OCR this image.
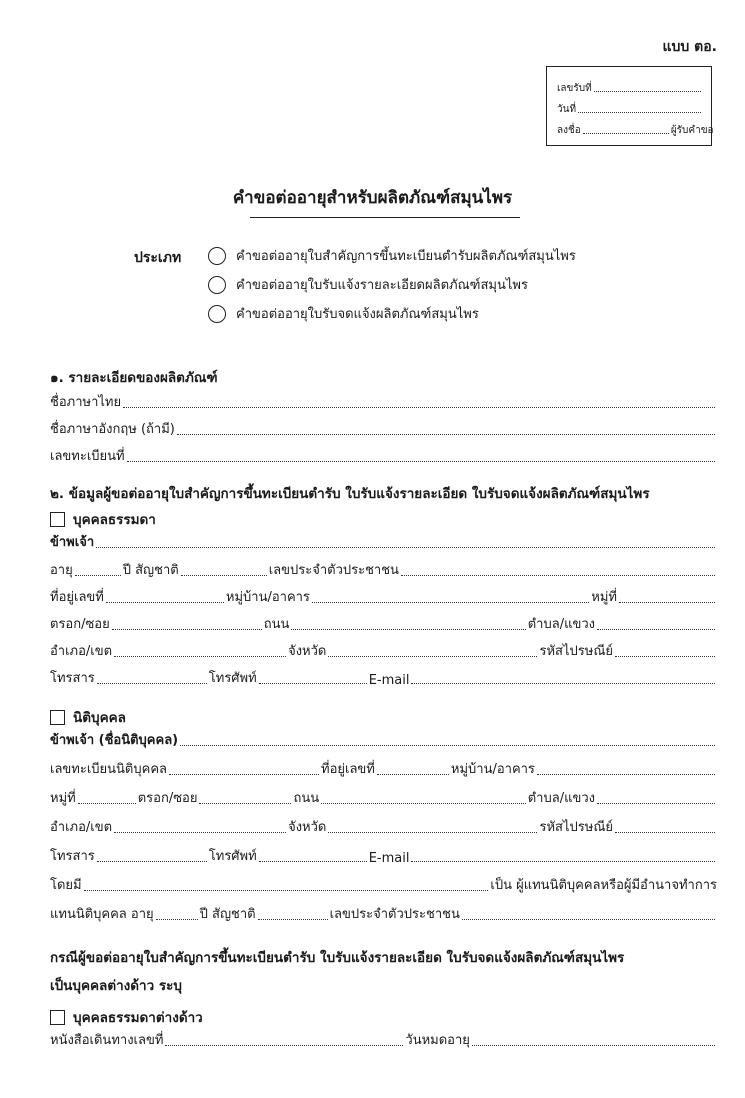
แบบ ตอ.
เลขรับที่
วันที่
ลงชื่อ	ผู้รับคำขอ
คำขอต่ออายุสำหรับผลิตภัณฑ์สมุนไพร
ประเภท	คำขอต่ออายุใบสำคัญการขึ้นทะเบียนตำรับผลิตภัณฑ์สมุนไพร
คำขอต่ออายุใบรับแจ้งรายละเอียดผลิตภัณฑ์สมุนไพร
คำขอต่ออายุใบรับจดแจ้งผลิตภัณฑ์สมุนไพร
๑. รายละเอียดของผลิตภัณฑ์
ชื่อภาษาไทย
ชื่อภาษาอังกฤษ (ถ้ามี)
เลขทะเบียนที่
๒. ข้อมูลผู้ขอต่ออายุใบสำคัญการขึ้นทะเบียนตำรับ ใบรับแจ้งรายละเอียด ใบรับจดแจ้งผลิตภัณฑ์สมุนไพร
บุคคลธรรมดา
ข้าพเจ้า
อายุ	ปี สัญชาติ	เลขประจำตัวประชาชน
ที่อยู่เลขที่	หมู่บ้าน/อาคาร	หมู่ที่
ตรอก/ซอย	ถนน	ตำบล/แขวง
อำเภอ/เขต	จังหวัด	รหัสไปรษณีย์
โทรสาร	โทรศัพท์	E-mail
นิติบุคคล
ข้าพเจ้า (ชื่อนิติบุคคล)
เลขทะเบียนนิติบุคคล	ที่อยู่เลขที่	หมู่บ้าน/อาคาร
หมู่ที่	ตรอก/ซอย	ถนน	ตำบล/แขวง
อำเภอ/เขต	จังหวัด	รหัสไปรษณีย์
โทรสาร	โทรศัพท์	E-mail
โดยมี	เป็น ผู้แทนนิติบุคคลหรือผู้มีอำนาจทำการ
แทนนิติบุคคล อายุ	ปี สัญชาติ	เลขประจำตัวประชาชน
กรณีผู้ขอต่ออายุใบสำคัญการขึ้นทะเบียนตำรับ ใบรับแจ้งรายละเอียด ใบรับจดแจ้งผลิตภัณฑ์สมุนไพร
เป็นบุคคลต่างด้าว ระบุ
บุคคลธรรมดาต่างด้าว
หนังสือเดินทางเลขที่	วันหมดอายุ
